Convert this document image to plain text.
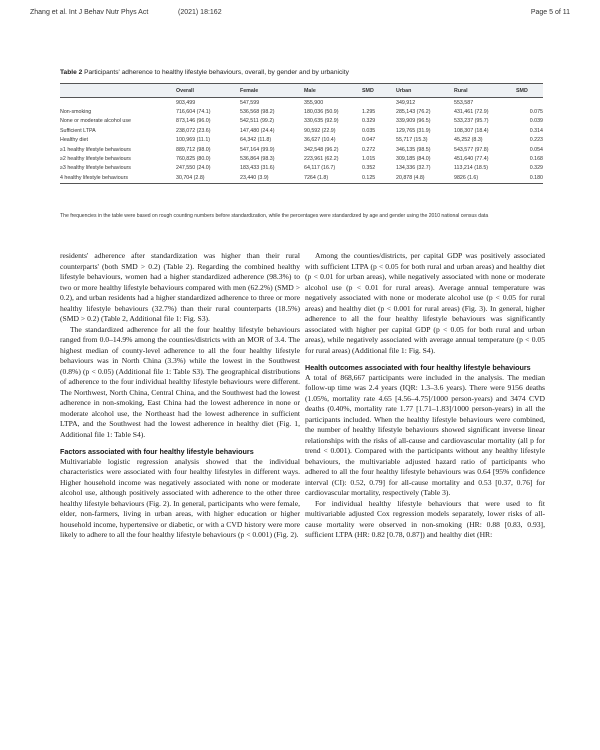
Zhang et al. Int J Behav Nutr Phys Act	(2021) 18:162	Page 5 of 11
Table 2 Participants' adherence to healthy lifestyle behaviours, overall, by gender and by urbanicity
	Overall	Female	Male	SMD	Urban	Rural	SMD
	903,499	547,599	355,900		349,912	553,587	
Non-smoking	716,604 (74.1)	536,568 (98.2)	180,036 (50.9)	1.295	285,143 (76.2)	431,461 (72.9)	0.075
None or moderate alcohol use	873,146 (96.0)	542,511 (99.2)	330,635 (92.9)	0.329	339,909 (96.5)	533,237 (95.7)	0.039
Sufficient LTPA	238,072 (23.6)	147,480 (24.4)	90,592 (22.9)	0.035	129,765 (31.9)	108,307 (18.4)	0.314
Healthy diet	100,969 (11.1)	64,342 (11.8)	36,627 (10.4)	0.047	55,717 (15.3)	45,252 (8.3)	0.223
≥1 healthy lifestyle behaviours	889,712 (98.0)	547,164 (99.9)	342,548 (96.2)	0.272	346,135 (98.5)	543,577 (97.8)	0.054
≥2 healthy lifestyle behaviours	760,825 (80.0)	536,864 (98.3)	223,961 (62.2)	1.015	309,185 (84.0)	451,640 (77.4)	0.168
≥3 healthy lifestyle behaviours	247,550 (24.0)	183,433 (31.6)	64,117 (16.7)	0.352	134,336 (32.7)	113,214 (18.5)	0.329
4 healthy lifestyle behaviours	30,704 (2.8)	23,440 (3.9)	7264 (1.8)	0.125	20,878 (4.8)	9826 (1.6)	0.180
The frequencies in the table were based on rough counting numbers before standardization, while the percentages were standardized by age and gender using the 2010 national census data

residents' adherence after standardization was higher than their rural counterparts' (both SMD > 0.2) (Table 2). Regarding the combined healthy lifestyle behaviours, women had a higher standardized adherence (98.3%) to two or more healthy lifestyle behaviours compared with men (62.2%) (SMD > 0.2), and urban residents had a higher standardized adherence to three or more healthy lifestyle behaviours (32.7%) than their rural counterparts (18.5%) (SMD > 0.2) (Table 2, Additional file 1: Fig. S3).

The standardized adherence for all the four healthy lifestyle behaviours ranged from 0.0–14.9% among the counties/districts with an MOR of 3.4. The highest median of county-level adherence to all the four healthy lifestyle behaviours was in North China (3.3%) while the lowest in the Southwest (0.8%) (p < 0.05) (Additional file 1: Table S3). The geographical distributions of adherence to the four individual healthy lifestyle behaviours were different. The Northwest, North China, Central China, and the Southwest had the lowest adherence in non-smoking, East China had the lowest adherence in none or moderate alcohol use, the Northeast had the lowest adherence in sufficient LTPA, and the Southwest had the lowest adherence in healthy diet (Fig. 1, Additional file 1: Table S4).

Factors associated with four healthy lifestyle behaviours

Multivariable logistic regression analysis showed that the individual characteristics were associated with four healthy lifestyles in different ways. Higher household income was negatively associated with none or moderate alcohol use, although positively associated with adherence to the other three healthy lifestyle behaviours (Fig. 2). In general, participants who were female, elder, non-farmers, living in urban areas, with higher education or higher household income, hypertensive or diabetic, or with a CVD history were more likely to adhere to all the four healthy lifestyle behaviours (p < 0.001) (Fig. 2).

Among the counties/districts, per capital GDP was positively associated with sufficient LTPA (p < 0.05 for both rural and urban areas) and healthy diet (p < 0.01 for urban areas), while negatively associated with none or moderate alcohol use (p < 0.01 for rural areas). Average annual temperature was negatively associated with none or moderate alcohol use (p < 0.05 for rural areas) and healthy diet (p < 0.001 for rural areas) (Fig. 3). In general, higher adherence to all the four healthy lifestyle behaviours was significantly associated with higher per capital GDP (p < 0.05 for both rural and urban areas), while negatively associated with average annual temperature (p < 0.05 for rural areas) (Additional file 1: Fig. S4).

Health outcomes associated with four healthy lifestyle behaviours

A total of 868,667 participants were included in the analysis. The median follow-up time was 2.4 years (IQR: 1.3–3.6 years). There were 9156 deaths (1.05%, mortality rate 4.65 [4.56–4.75]/1000 person-years) and 3474 CVD deaths (0.40%, mortality rate 1.77 [1.71–1.83]/1000 person-years) in all the participants included. When the healthy lifestyle behaviours were combined, the number of healthy lifestyle behaviours showed significant inverse linear relationships with the risks of all-cause and cardiovascular mortality (all p for trend < 0.001). Compared with the participants without any healthy lifestyle behaviours, the multivariable adjusted hazard ratio of participants who adhered to all the four healthy lifestyle behaviours was 0.64 [95% confidence interval (CI): 0.52, 0.79] for all-cause mortality and 0.53 [0.37, 0.76] for cardiovascular mortality, respectively (Table 3).

For individual healthy lifestyle behaviours that were used to fit multivariable adjusted Cox regression models separately, lower risks of all-cause mortality were observed in non-smoking (HR: 0.88 [0.83, 0.93], sufficient LTPA (HR: 0.82 [0.78, 0.87]) and healthy diet (HR:
